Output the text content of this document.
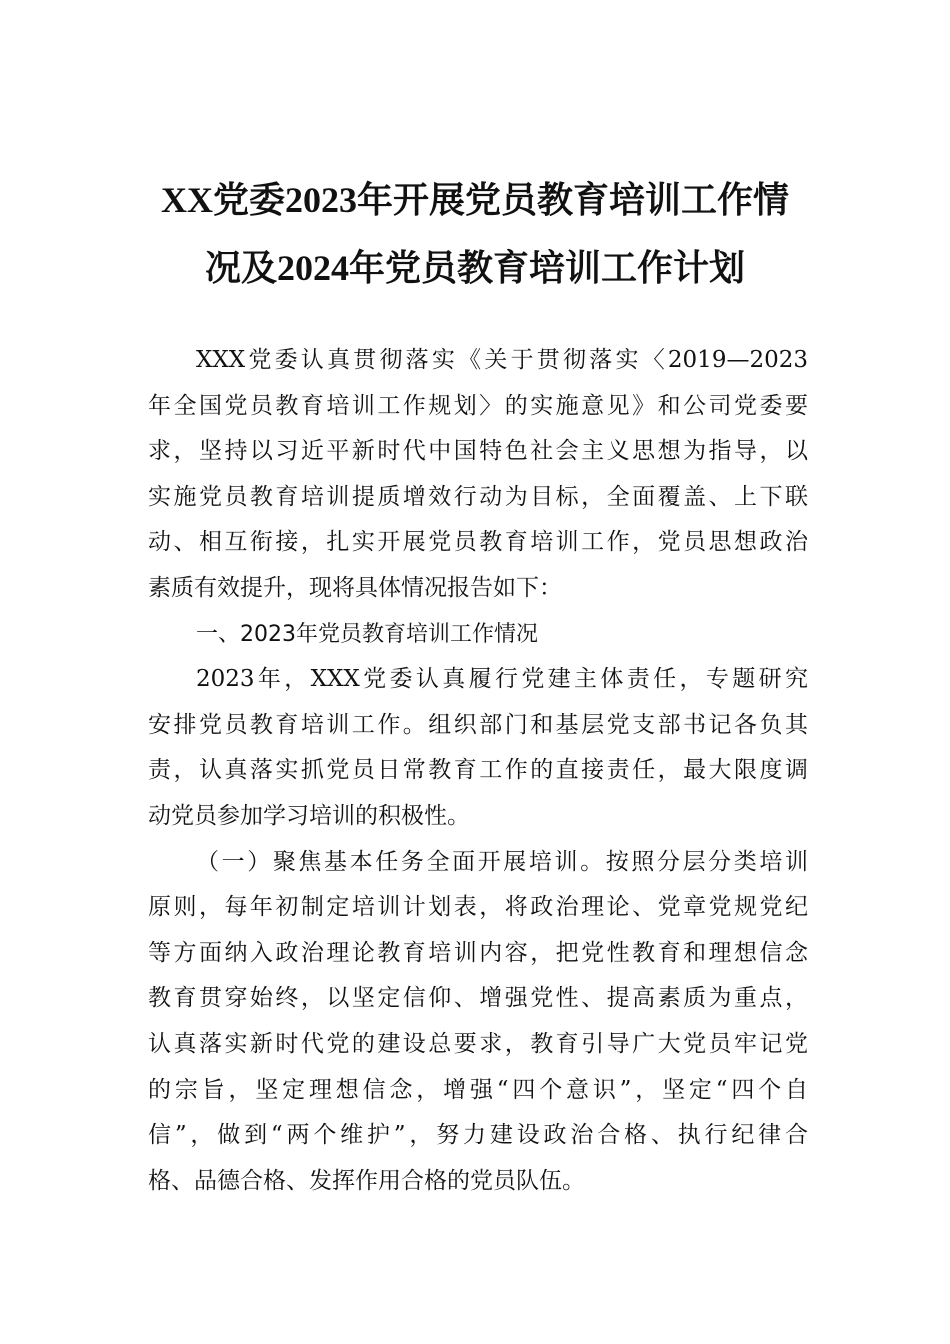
XX党委2023年开展党员教育培训工作情
况及2024年党员教育培训工作计划
XXX党委认真贯彻落实《关于贯彻落实〈2019—2023
年全国党员教育培训工作规划〉的实施意见》和公司党委要
求，坚持以习近平新时代中国特色社会主义思想为指导，以
实施党员教育培训提质增效行动为目标，全面覆盖、上下联
动、相互衔接，扎实开展党员教育培训工作，党员思想政治
素质有效提升，现将具体情况报告如下：
一、2023年党员教育培训工作情况
2023年，XXX党委认真履行党建主体责任，专题研究
安排党员教育培训工作。组织部门和基层党支部书记各负其
责，认真落实抓党员日常教育工作的直接责任，最大限度调
动党员参加学习培训的积极性。
（一）聚焦基本任务全面开展培训。按照分层分类培训
原则，每年初制定培训计划表，将政治理论、党章党规党纪
等方面纳入政治理论教育培训内容，把党性教育和理想信念
教育贯穿始终，以坚定信仰、增强党性、提高素质为重点，
认真落实新时代党的建设总要求，教育引导广大党员牢记党
的宗旨，坚定理想信念，增强“四个意识”，坚定“四个自
信”，做到“两个维护”，努力建设政治合格、执行纪律合
格、品德合格、发挥作用合格的党员队伍。
